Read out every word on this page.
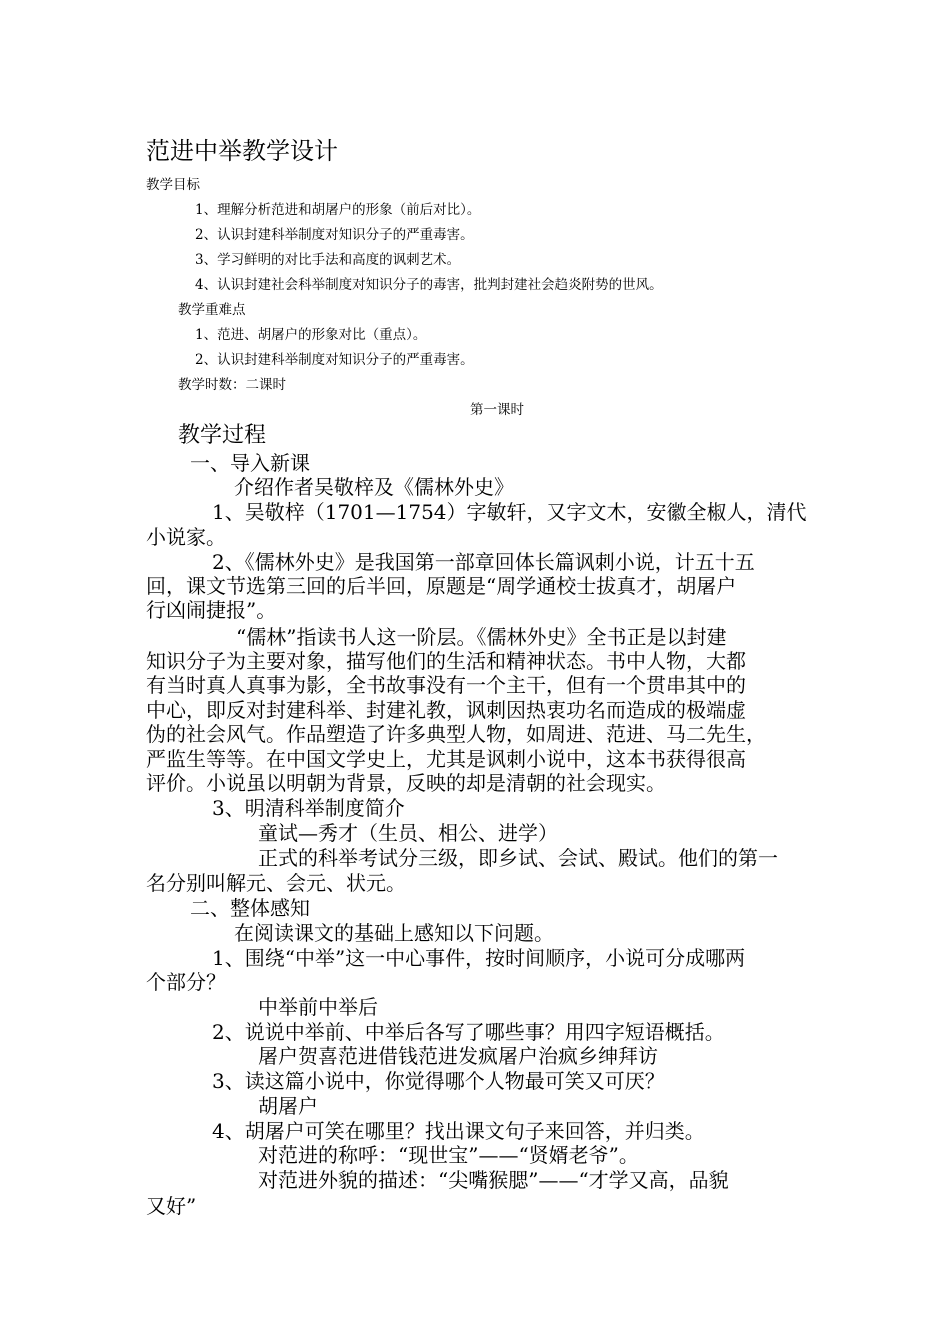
范进中举教学设计
教学目标
1、理解分析范进和胡屠户的形象（前后对比）。
2、认识封建科举制度对知识分子的严重毒害。
3、学习鲜明的对比手法和高度的讽刺艺术。
4、认识封建社会科举制度对知识分子的毒害，批判封建社会趋炎附势的世风。
教学重难点
1、范进、胡屠户的形象对比（重点）。
2、认识封建科举制度对知识分子的严重毒害。
教学时数：二课时
第一课时
教学过程
一、导入新课
介绍作者吴敬梓及《儒林外史》
1、吴敬梓（1701—1754）字敏轩，又字文木，安徽全椒人，清代
小说家。
2、《儒林外史》是我国第一部章回体长篇讽刺小说，计五十五
回，课文节选第三回的后半回，原题是“周学通校士拔真才，胡屠户
行凶闹捷报”。
“儒林”指读书人这一阶层。《儒林外史》全书正是以封建
知识分子为主要对象，描写他们的生活和精神状态。书中人物，大都
有当时真人真事为影，全书故事没有一个主干，但有一个贯串其中的
中心，即反对封建科举、封建礼教，讽刺因热衷功名而造成的极端虚
伪的社会风气。作品塑造了许多典型人物，如周进、范进、马二先生，
严监生等等。在中国文学史上，尤其是讽刺小说中，这本书获得很高
评价。小说虽以明朝为背景，反映的却是清朝的社会现实。
3、明清科举制度简介
童试—秀才（生员、相公、进学）
正式的科举考试分三级，即乡试、会试、殿试。他们的第一
名分别叫解元、会元、状元。
二、整体感知
在阅读课文的基础上感知以下问题。
1、围绕“中举”这一中心事件，按时间顺序，小说可分成哪两
个部分？
中举前中举后
2、说说中举前、中举后各写了哪些事？用四字短语概括。
屠户贺喜范进借钱范进发疯屠户治疯乡绅拜访
3、读这篇小说中，你觉得哪个人物最可笑又可厌？
胡屠户
4、胡屠户可笑在哪里？找出课文句子来回答，并归类。
对范进的称呼：“现世宝”——“贤婿老爷”。
对范进外貌的描述：“尖嘴猴腮”——“才学又高，品貌
又好”
